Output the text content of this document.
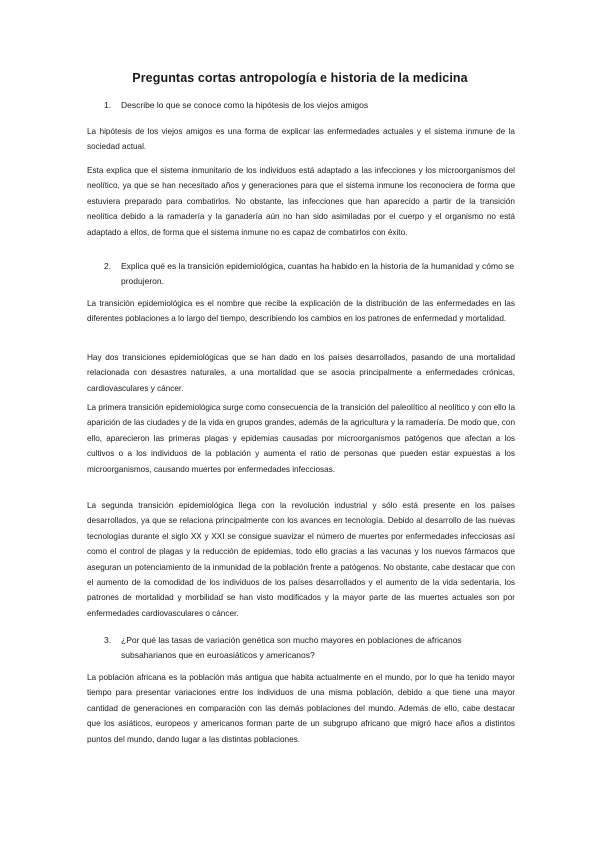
Preguntas cortas antropología e historia de la medicina
1. Describe lo que se conoce como la hipótesis de los viejos amigos
La hipótesis de los viejos amigos es una forma de explicar las enfermedades actuales y el sistema inmune de la sociedad actual.
Esta explica que el sistema inmunitario de los individuos está adaptado a las infecciones y los microorganismos del neolítico, ya que se han necesitado años y generaciones para que el sistema inmune los reconociera de forma que estuviera preparado para combatirlos. No obstante, las infecciones que han aparecido a partir de la transición neolítica debido a la ramadería y la ganadería aún no han sido asimiladas por el cuerpo y el organismo no está adaptado a ellos, de forma que el sistema inmune no es capaz de combatirlos con éxito.
2. Explica qué es la transición epidemiológica, cuantas ha habido en la historia de la humanidad y cómo se produjeron.
La transición epidemiológica es el nombre que recibe la explicación de la distribución de las enfermedades en las diferentes poblaciones a lo largo del tiempo, describiendo los cambios en los patrones de enfermedad y mortalidad.
Hay dos transiciones epidemiológicas que se han dado en los países desarrollados, pasando de una mortalidad relacionada con desastres naturales, a una mortalidad que se asocia principalmente a enfermedades crónicas, cardiovasculares y cáncer.
La primera transición epidemiológica surge como consecuencia de la transición del paleolítico al neolítico y con ello la aparición de las ciudades y de la vida en grupos grandes, además de la agricultura y la ramadería. De modo que, con ello, aparecieron las primeras plagas y epidemias causadas por microorganismos patógenos que afectan a los cultivos o a los individuos de la población y aumenta el ratio de personas que pueden estar expuestas a los microorganismos, causando muertes por enfermedades infecciosas.
La segunda transición epidemiológica llega con la revolución industrial y sólo está presente en los países desarrollados, ya que se relaciona principalmente con los avances en tecnología. Debido al desarrollo de las nuevas tecnologías durante el siglo XX y XXI se consigue suavizar el número de muertes por enfermedades infecciosas así como el control de plagas y la reducción de epidemias, todo ello gracias a las vacunas y los nuevos fármacos que aseguran un potenciamiento de la inmunidad de la población frente a patógenos. No obstante, cabe destacar que con el aumento de la comodidad de los individuos de los países desarrollados y el aumento de la vida sedentaria, los patrones de mortalidad y morbilidad se han visto modificados y la mayor parte de las muertes actuales son por enfermedades cardiovasculares o cáncer.
3. ¿Por qué las tasas de variación genética son mucho mayores en poblaciones de africanos subsaharianos que en euroasiáticos y americanos?
La población africana es la población más antigua que habita actualmente en el mundo, por lo que ha tenido mayor tiempo para presentar variaciones entre los individuos de una misma población, debido a que tiene una mayor cantidad de generaciones en comparación con las demás poblaciones del mundo. Además de ello, cabe destacar que los asiáticos, europeos y americanos forman parte de un subgrupo africano que migró hace años a distintos puntos del mundo, dando lugar a las distintas poblaciones.
